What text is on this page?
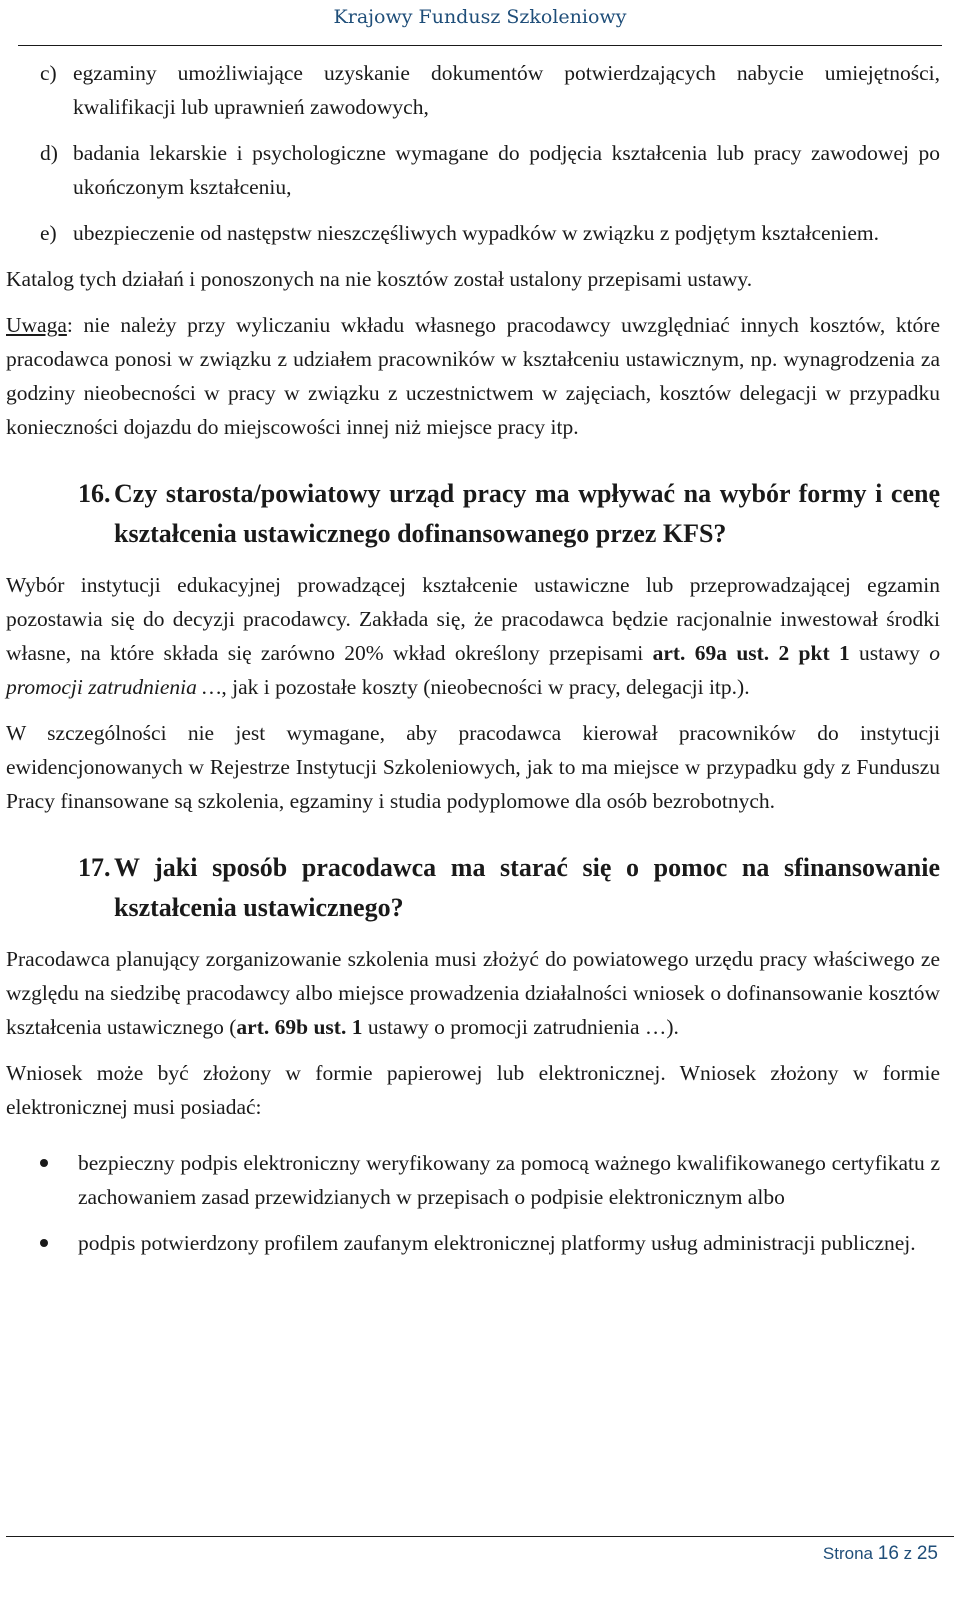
Krajowy Fundusz Szkoleniowy
c) egzaminy umożliwiające uzyskanie dokumentów potwierdzających nabycie umiejętności, kwalifikacji lub uprawnień zawodowych,
d) badania lekarskie i psychologiczne wymagane do podjęcia kształcenia lub pracy zawodowej po ukończonym kształceniu,
e) ubezpieczenie od następstw nieszczęśliwych wypadków w związku z podjętym kształceniem.

Katalog tych działań i ponoszonych na nie kosztów został ustalony przepisami ustawy.

Uwaga: nie należy przy wyliczaniu wkładu własnego pracodawcy uwzględniać innych kosztów, które pracodawca ponosi w związku z udziałem pracowników w kształceniu ustawicznym, np. wynagrodzenia za godziny nieobecności w pracy w związku z uczestnictwem w zajęciach, kosztów delegacji w przypadku konieczności dojazdu do miejscowości innej niż miejsce pracy itp.

16. Czy starosta/powiatowy urząd pracy ma wpływać na wybór formy i cenę kształcenia ustawicznego dofinansowanego przez KFS?

Wybór instytucji edukacyjnej prowadzącej kształcenie ustawiczne lub przeprowadzającej egzamin pozostawia się do decyzji pracodawcy. Zakłada się, że pracodawca będzie racjonalnie inwestował środki własne, na które składa się zarówno 20% wkład określony przepisami art. 69a ust. 2 pkt 1 ustawy o promocji zatrudnienia …, jak i pozostałe koszty (nieobecności w pracy, delegacji itp.).

W szczególności nie jest wymagane, aby pracodawca kierował pracowników do instytucji ewidencjonowanych w Rejestrze Instytucji Szkoleniowych, jak to ma miejsce w przypadku gdy z Funduszu Pracy finansowane są szkolenia, egzaminy i studia podyplomowe dla osób bezrobotnych.

17. W jaki sposób pracodawca ma starać się o pomoc na sfinansowanie kształcenia ustawicznego?

Pracodawca planujący zorganizowanie szkolenia musi złożyć do powiatowego urzędu pracy właściwego ze względu na siedzibę pracodawcy albo miejsce prowadzenia działalności wniosek o dofinansowanie kosztów kształcenia ustawicznego (art. 69b ust. 1 ustawy o promocji zatrudnienia …).

Wniosek może być złożony w formie papierowej lub elektronicznej. Wniosek złożony w formie elektronicznej musi posiadać:

bezpieczny podpis elektroniczny weryfikowany za pomocą ważnego kwalifikowanego certyfikatu z zachowaniem zasad przewidzianych w przepisach o podpisie elektronicznym albo
podpis potwierdzony profilem zaufanym elektronicznej platformy usług administracji publicznej.
Strona 16 z 25
